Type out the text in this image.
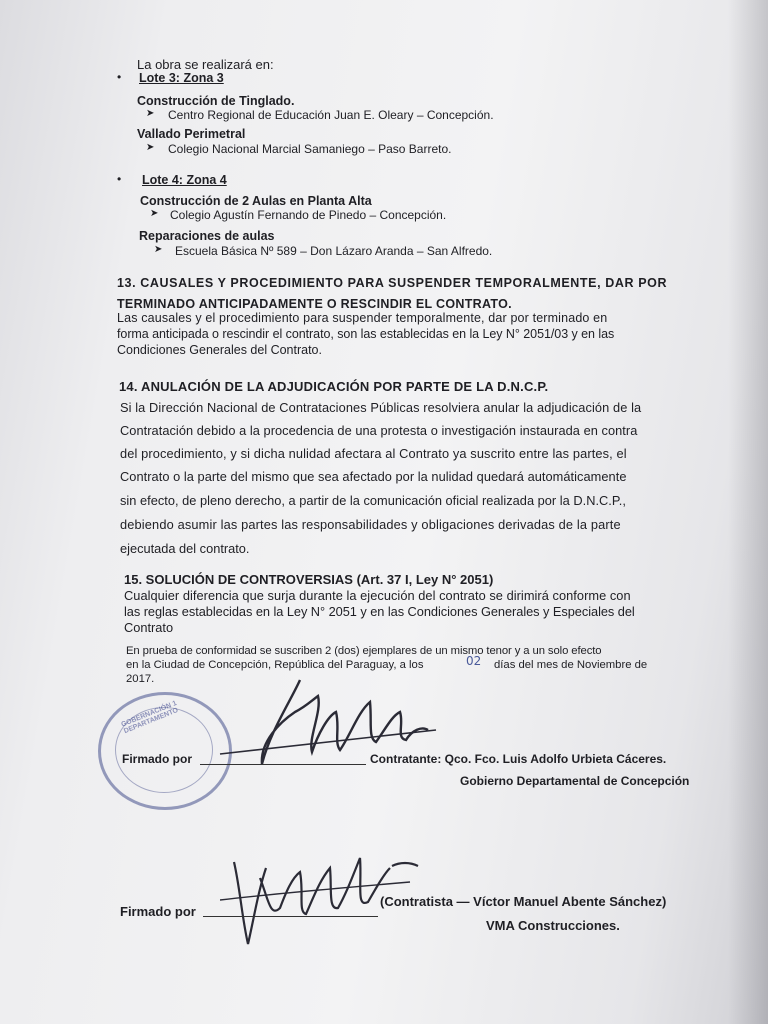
La obra se realizará en:
• Lote 3: Zona 3
Construcción de Tinglado.
➤ Centro Regional de Educación Juan E. Oleary – Concepción.
Vallado Perimetral
➤ Colegio Nacional Marcial Samaniego – Paso Barreto.
• Lote 4: Zona 4
Construcción de 2 Aulas en Planta Alta
➤ Colegio Agustín Fernando de Pinedo – Concepción.
Reparaciones de aulas
➤ Escuela Básica Nº 589 – Don Lázaro Aranda – San Alfredo.
13. CAUSALES Y PROCEDIMIENTO PARA SUSPENDER TEMPORALMENTE, DAR POR
TERMINADO ANTICIPADAMENTE O RESCINDIR EL CONTRATO.
Las causales y el procedimiento para suspender temporalmente, dar por terminado en
forma anticipada o rescindir el contrato, son las establecidas en la Ley N° 2051/03 y en las
Condiciones Generales del Contrato.
14. ANULACIÓN DE LA ADJUDICACIÓN POR PARTE DE LA D.N.C.P.
Si la Dirección Nacional de Contrataciones Públicas resolviera anular la adjudicación de la
Contratación debido a la procedencia de una protesta o investigación instaurada en contra
del procedimiento, y si dicha nulidad afectara al Contrato ya suscrito entre las partes, el
Contrato o la parte del mismo que sea afectado por la nulidad quedará automáticamente
sin efecto, de pleno derecho, a partir de la comunicación oficial realizada por la D.N.C.P.,
debiendo asumir las partes las responsabilidades y obligaciones derivadas de la parte
ejecutada del contrato.
15. SOLUCIÓN DE CONTROVERSIAS (Art. 37 I, Ley N° 2051)
Cualquier diferencia que surja durante la ejecución del contrato se dirimirá conforme con
las reglas establecidas en la Ley N° 2051 y en las Condiciones Generales y Especiales del
Contrato
En prueba de conformidad se suscriben 2 (dos) ejemplares de un mismo tenor y a un solo efecto
en la Ciudad de Concepción, República del Paraguay, a los	02 días del mes de Noviembre de
2017.
GOBERNACIÓN 1 DEPARTAMENTO
Firmado por	Contratante: Qco. Fco. Luis Adolfo Urbieta Cáceres.
Gobierno Departamental de Concepción
Firmado por
(Contratista — Víctor Manuel Abente Sánchez)
VMA Construcciones.
